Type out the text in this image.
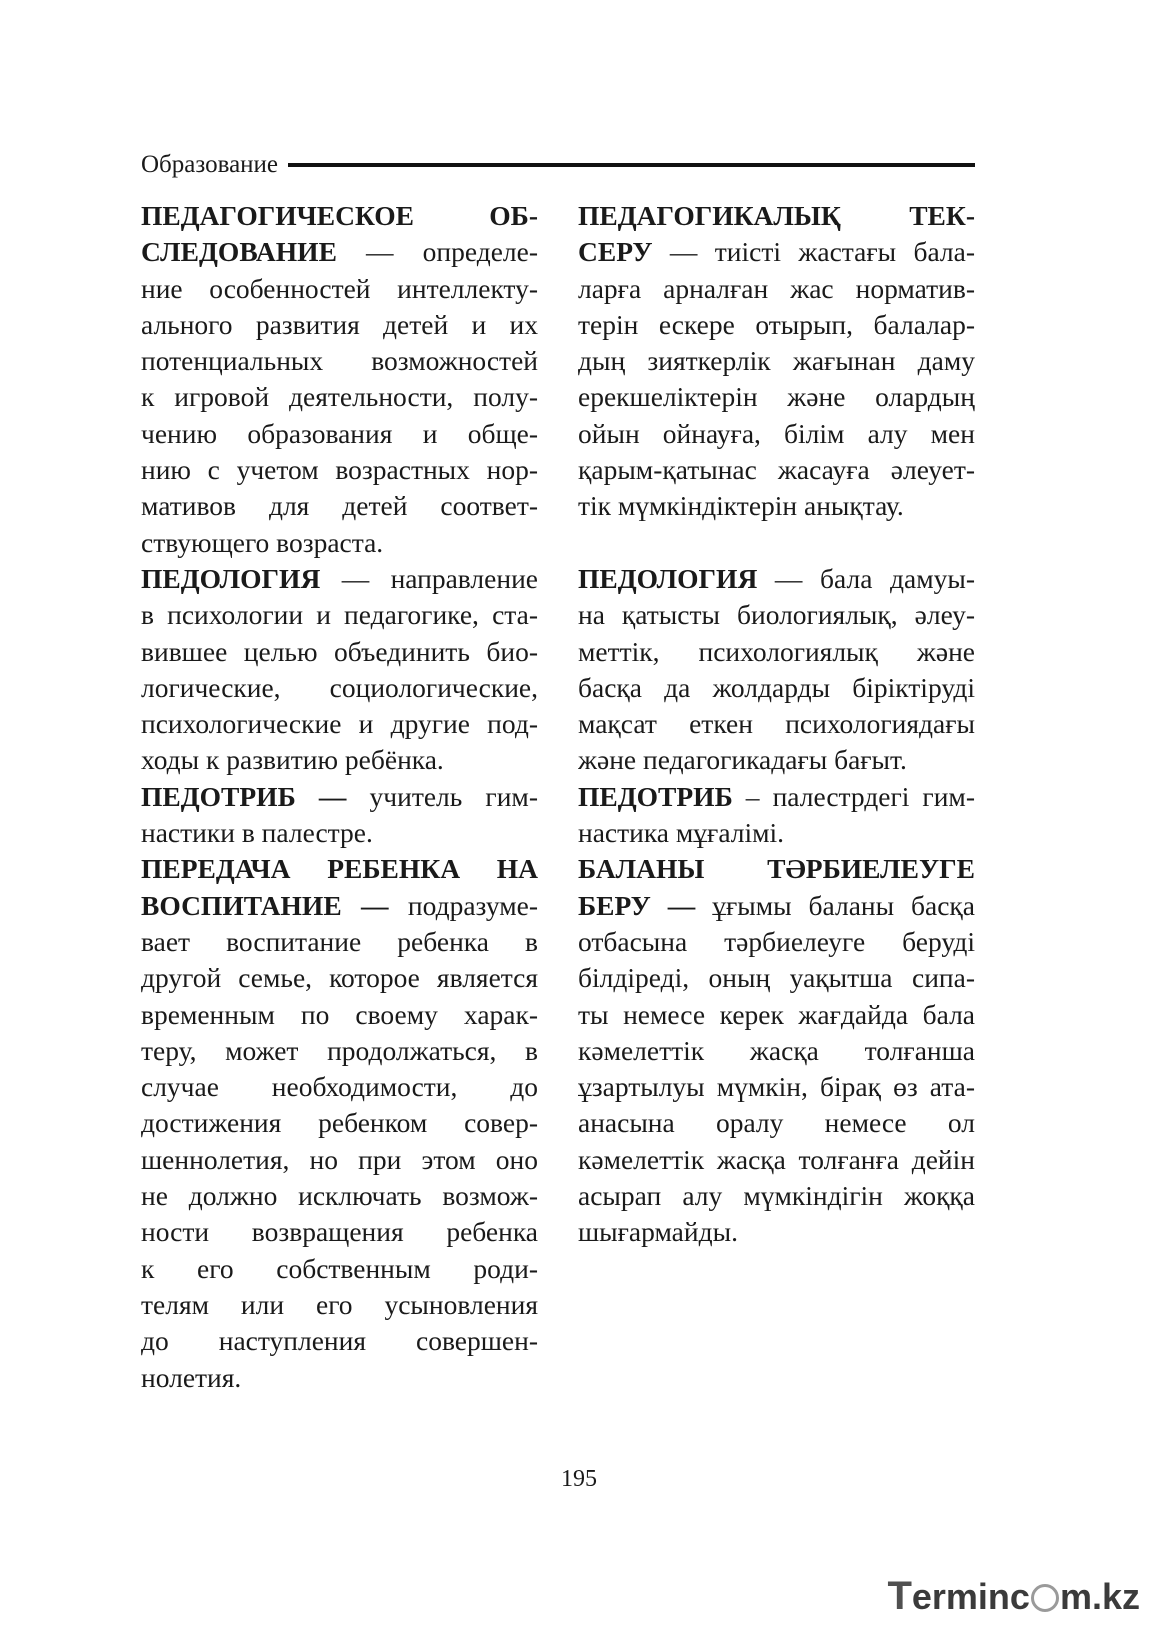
Образование
ПЕДАГОГИЧЕСКОЕ ОБ-
СЛЕДОВАНИЕ — определе-
ние особенностей интеллекту-
ального развития детей и их
потенциальных возможностей
к игровой деятельности, полу-
чению образования и обще-
нию с учетом возрастных нор-
мативов для детей соответ-
ствующего возраста.
ПЕДОЛОГИЯ — направление
в психологии и педагогике, ста-
вившее целью объединить био-
логические, социологические,
психологические и другие под-
ходы к развитию ребёнка.
ПЕДОТРИБ — учитель гим-
настики в палестре.
ПЕРЕДАЧА РЕБЕНКА НА
ВОСПИТАНИЕ — подразуме-
вает воспитание ребенка в
другой семье, которое является
временным по своему харак-
теру, может продолжаться, в
случае необходимости, до
достижения ребенком совер-
шеннолетия, но при этом оно
не должно исключать возмож-
ности возвращения ребенка
к его собственным роди-
телям или его усыновления
до наступления совершен-
нолетия.
ПЕДАГОГИКАЛЫҚ ТЕК-
СЕРУ — тиісті жастағы бала-
ларға арналған жас норматив-
терін ескере отырып, балалар-
дың зияткерлік жағынан даму
ерекшеліктерін және олардың
ойын ойнауға, білім алу мен
қарым-қатынас жасауға әлеует-
тік мүмкіндіктерін анықтау.
ПЕДОЛОГИЯ — бала дамуы-
на қатысты биологиялық, әлеу-
меттік, психологиялық және
басқа да жолдарды біріктіруді
мақсат еткен психологиядағы
және педагогикадағы бағыт.
ПЕДОТРИБ – палестрдегі гим-
настика мұғалімі.
БАЛАНЫ ТӘРБИЕЛЕУГЕ
БЕРУ — ұғымы баланы басқа
отбасына тәрбиелеуге беруді
білдіреді, оның уақытша сипа-
ты немесе керек жағдайда бала
кәмелеттік жасқа толғанша
ұзартылуы мүмкін, бірақ өз ата-
анасына оралу немесе ол
кәмелеттік жасқа толғанға дейін
асырап алу мүмкіндігін жоққа
шығармайды.
195
T erminc m.kz
